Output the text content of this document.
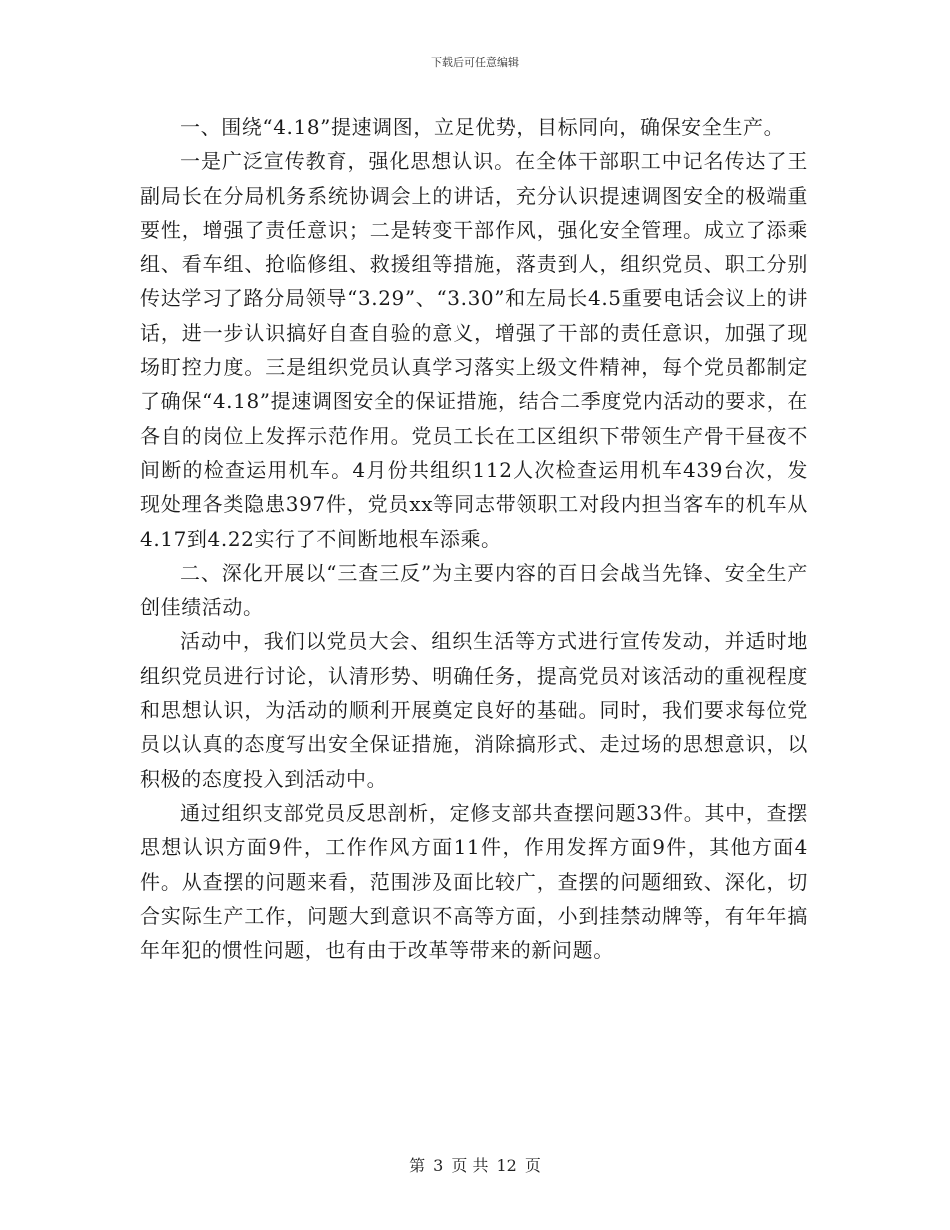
下载后可任意编辑

一、围绕“4.18”提速调图，立足优势，目标同向，确保安全生产。

一是广泛宣传教育，强化思想认识。在全体干部职工中记名传达了王副局长在分局机务系统协调会上的讲话，充分认识提速调图安全的极端重要性，增强了责任意识；二是转变干部作风，强化安全管理。成立了添乘组、看车组、抢临修组、救援组等措施，落责到人，组织党员、职工分别传达学习了路分局领导“3.29”、“3.30”和左局长4.5重要电话会议上的讲话，进一步认识搞好自查自验的意义，增强了干部的责任意识，加强了现场盯控力度。三是组织党员认真学习落实上级文件精神，每个党员都制定了确保“4.18”提速调图安全的保证措施，结合二季度党内活动的要求，在各自的岗位上发挥示范作用。党员工长在工区组织下带领生产骨干昼夜不间断的检查运用机车。4月份共组织112人次检查运用机车439台次，发现处理各类隐患397件，党员xx等同志带领职工对段内担当客车的机车从4.17到4.22实行了不间断地根车添乘。

二、深化开展以“三查三反”为主要内容的百日会战当先锋、安全生产创佳绩活动。

活动中，我们以党员大会、组织生活等方式进行宣传发动，并适时地组织党员进行讨论，认清形势、明确任务，提高党员对该活动的重视程度和思想认识，为活动的顺利开展奠定良好的基础。同时，我们要求每位党员以认真的态度写出安全保证措施，消除搞形式、走过场的思想意识，以积极的态度投入到活动中。

通过组织支部党员反思剖析，定修支部共查摆问题33件。其中，查摆思想认识方面9件，工作作风方面11件，作用发挥方面9件，其他方面4件。从查摆的问题来看，范围涉及面比较广，查摆的问题细致、深化，切合实际生产工作，问题大到意识不高等方面，小到挂禁动牌等，有年年搞年年犯的惯性问题，也有由于改革等带来的新问题。

第 3 页 共 12 页
